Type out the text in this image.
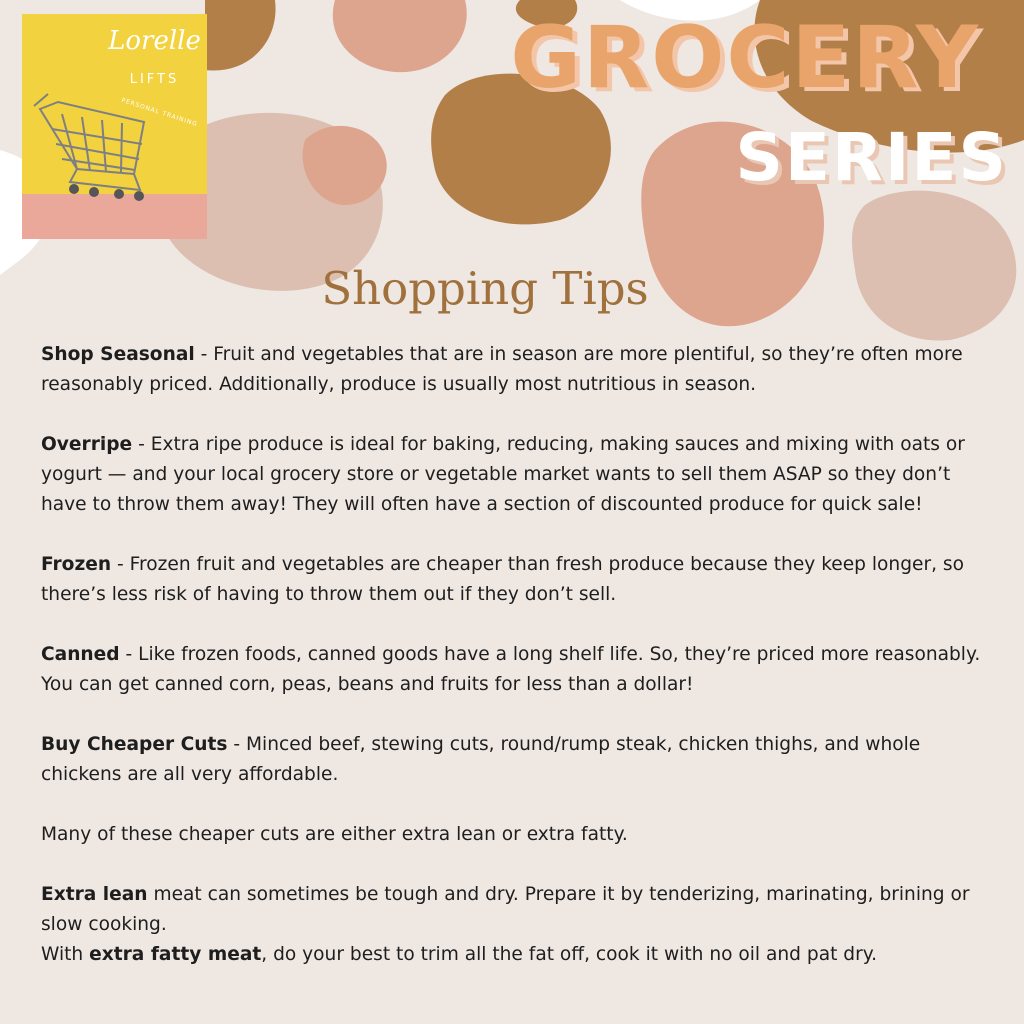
Lorelle
LIFTS
PERSONAL TRAINING
GROCERY
SERIES
Shopping Tips

Shop Seasonal - Fruit and vegetables that are in season are more plentiful, so they’re often more reasonably priced. Additionally, produce is usually most nutritious in season.

Overripe - Extra ripe produce is ideal for baking, reducing, making sauces and mixing with oats or yogurt — and your local grocery store or vegetable market wants to sell them ASAP so they don’t have to throw them away! They will often have a section of discounted produce for quick sale!

Frozen - Frozen fruit and vegetables are cheaper than fresh produce because they keep longer, so there’s less risk of having to throw them out if they don’t sell.

Canned - Like frozen foods, canned goods have a long shelf life. So, they’re priced more reasonably. You can get canned corn, peas, beans and fruits for less than a dollar!

Buy Cheaper Cuts - Minced beef, stewing cuts, round/rump steak, chicken thighs, and whole chickens are all very affordable.

Many of these cheaper cuts are either extra lean or extra fatty.

Extra lean meat can sometimes be tough and dry. Prepare it by tenderizing, marinating, brining or slow cooking.

With extra fatty meat, do your best to trim all the fat off, cook it with no oil and pat dry.
